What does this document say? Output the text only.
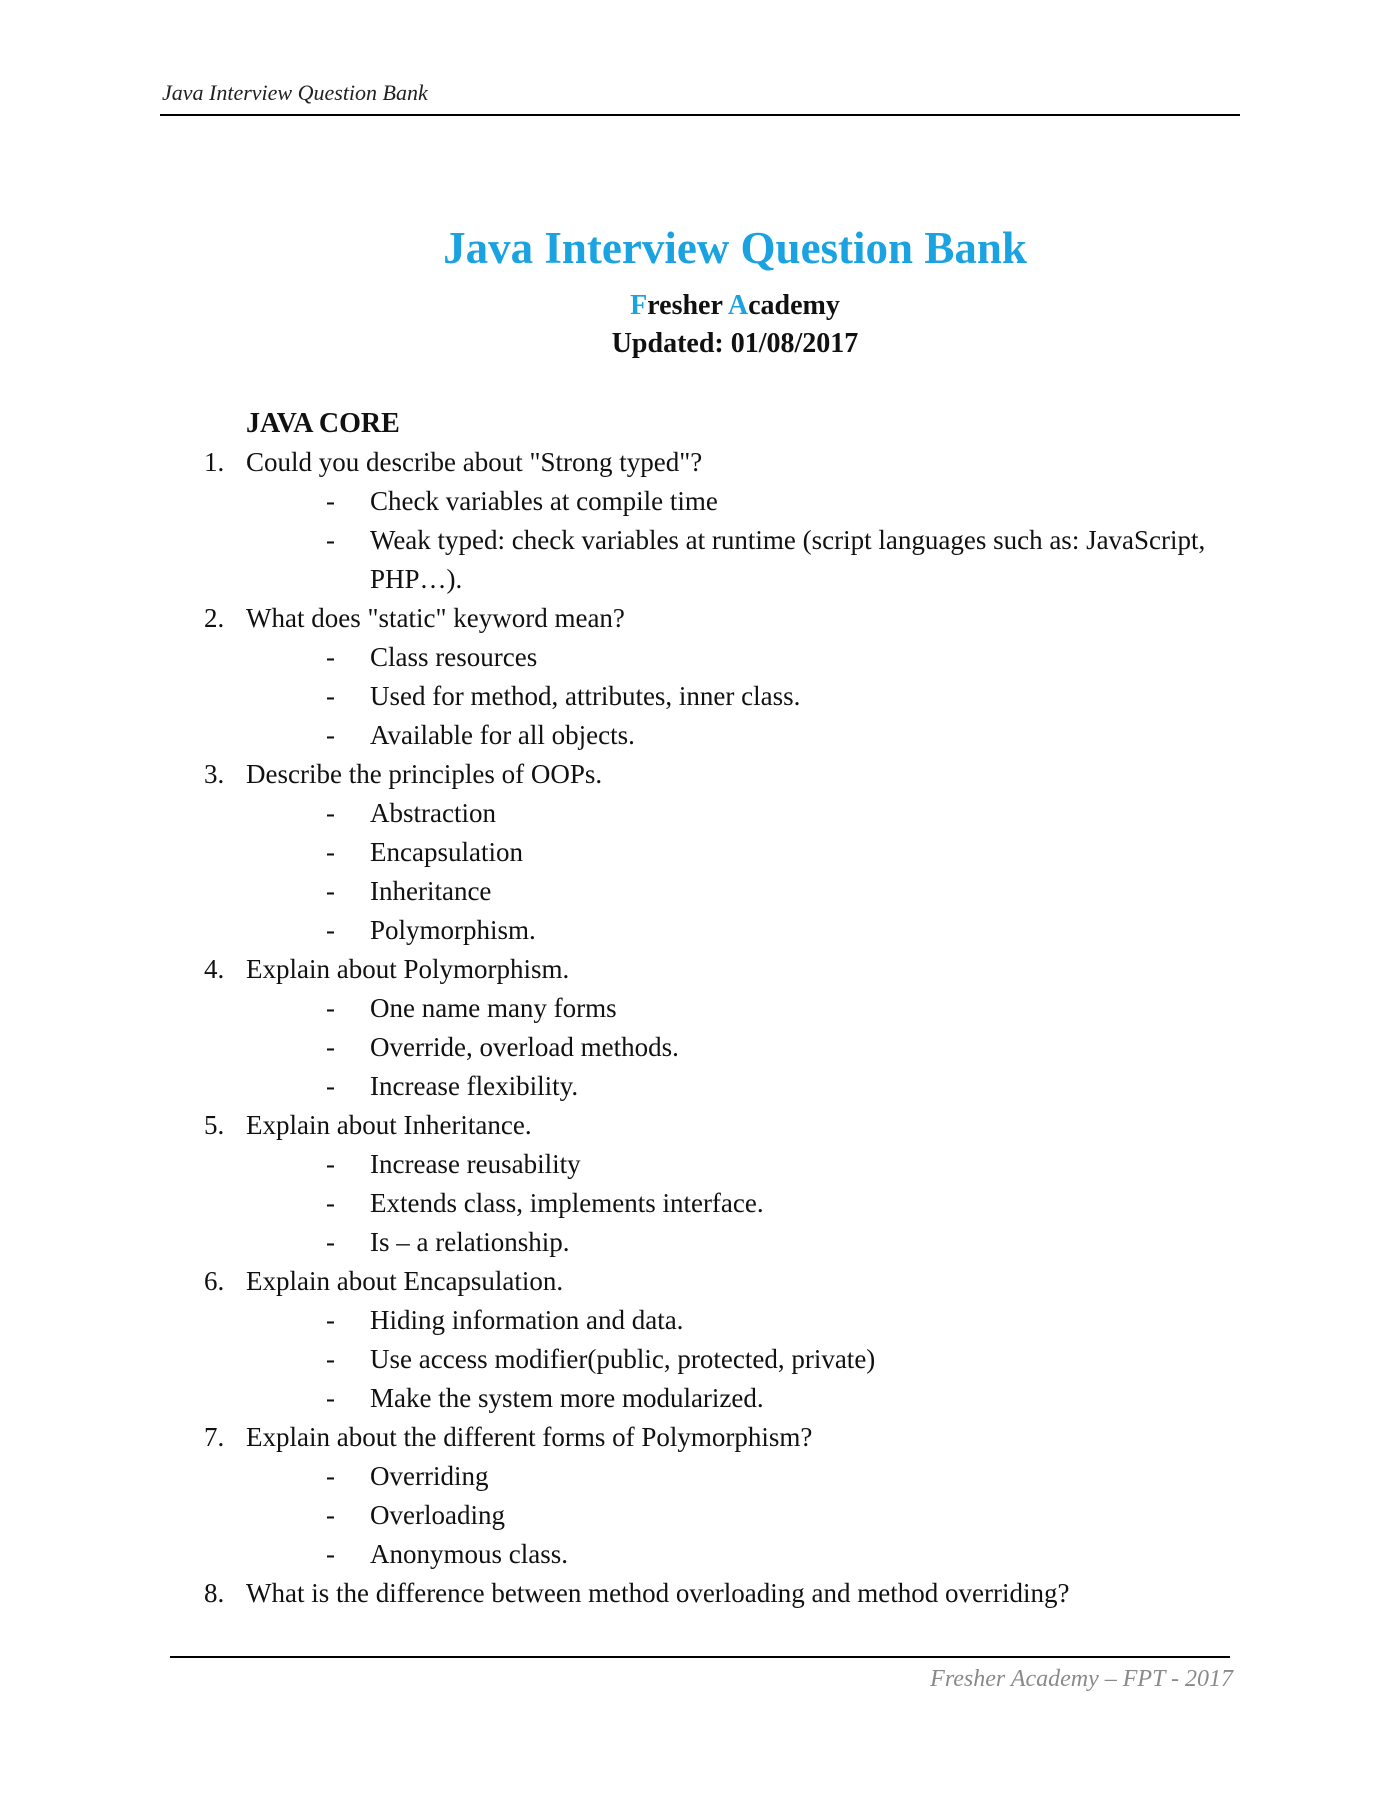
Java Interview Question Bank
Java Interview Question Bank
Fresher Academy
Updated: 01/08/2017
JAVA CORE
1. Could you describe about "Strong typed"?
- Check variables at compile time
- Weak typed: check variables at runtime (script languages such as: JavaScript, PHP…).
2. What does "static" keyword mean?
- Class resources
- Used for method, attributes, inner class.
- Available for all objects.
3. Describe the principles of OOPs.
- Abstraction
- Encapsulation
- Inheritance
- Polymorphism.
4. Explain about Polymorphism.
- One name many forms
- Override, overload methods.
- Increase flexibility.
5. Explain about Inheritance.
- Increase reusability
- Extends class, implements interface.
- Is – a relationship.
6. Explain about Encapsulation.
- Hiding information and data.
- Use access modifier(public, protected, private)
- Make the system more modularized.
7. Explain about the different forms of Polymorphism?
- Overriding
- Overloading
- Anonymous class.
8. What is the difference between method overloading and method overriding?
Fresher Academy – FPT - 2017
